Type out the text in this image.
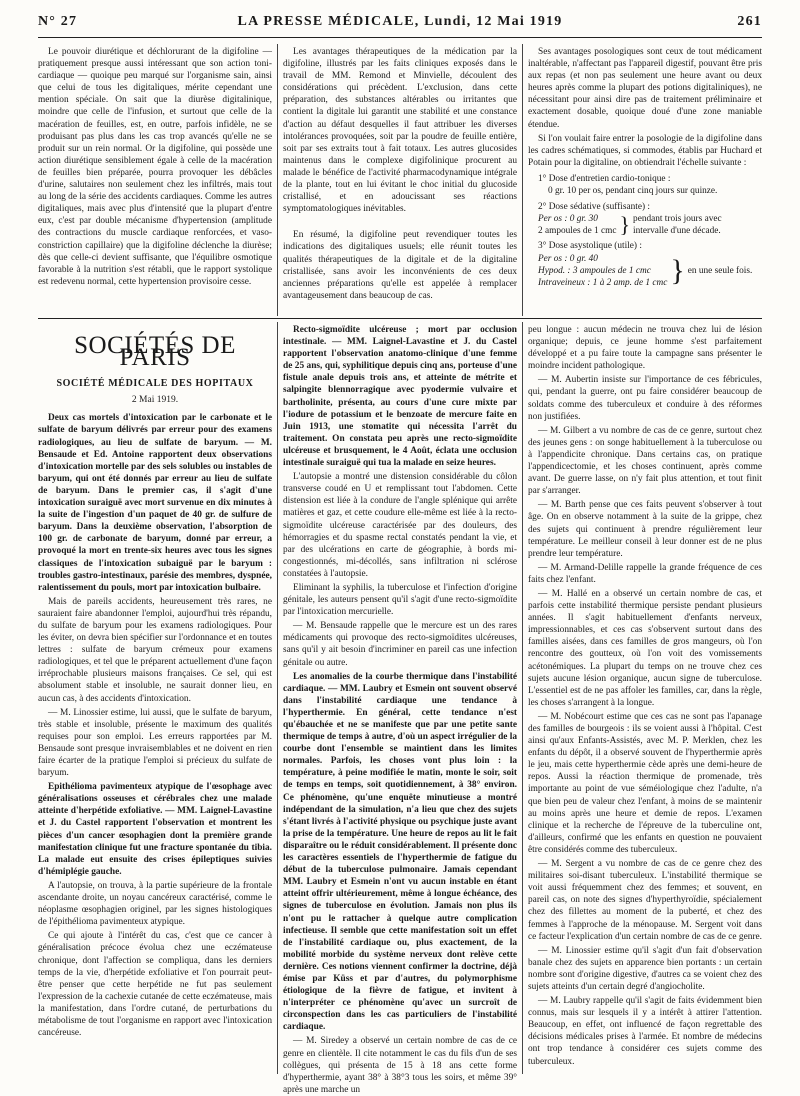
N° 27	LA PRESSE MÉDICALE, Lundi, 12 Mai 1919	261

Le pouvoir diurétique et déchlorurant de la digifoline — pratiquement presque aussi intéressant que son action toni-cardiaque — quoique peu marqué sur l'organisme sain, ainsi que celui de tous les digitaliques, mérite cependant une mention spéciale. On sait que la diurèse digitalinique, moindre que celle de l'infusion, et surtout que celle de la macération de feuilles, est, en outre, parfois infidèle, ne se produisant pas plus dans les cas trop avancés qu'elle ne se produit sur un rein normal. Or la digifoline, qui possède une action diurétique sensiblement égale à celle de la macération de feuilles bien préparée, pourra provoquer les débâcles d'urine, salutaires non seulement chez les infiltrés, mais tout au long de la série des accidents cardiaques. Comme les autres digitaliques, mais avec plus d'intensité que la plupart d'entre eux, c'est par double mécanisme d'hypertension (amplitude des contractions du muscle cardiaque renforcées, et vaso-constriction capillaire) que la digifoline déclenche la diurèse; dès que celle-ci devient suffisante, que l'équilibre osmotique favorable à la nutrition s'est rétabli, que le rapport systolique est redevenu normal, cette hypertension provisoire cesse.

Les avantages thérapeutiques de la médication par la digifoline, illustrés par les faits cliniques exposés dans le travail de MM. Remond et Minvielle, découlent des considérations qui précèdent. L'exclusion, dans cette préparation, des substances altérables ou irritantes que contient la digitale lui garantit une stabilité et une constance d'action au défaut desquelles il faut attribuer les diverses intolérances provoquées, soit par la poudre de feuille entière, soit par ses extraits tout à fait totaux. Les autres glucosides maintenus dans le complexe digifolinique procurent au malade le bénéfice de l'activité pharmacodynamique intégrale de la plante, tout en lui évitant le choc initial du glucoside cristallisé, et en adoucissant ses réactions symptomatologiques inévitables.

En résumé, la digifoline peut revendiquer toutes les indications des digitaliques usuels; elle réunit toutes les qualités thérapeutiques de la digitale et de la digitaline cristallisée, sans avoir les inconvénients de ces deux anciennes préparations qu'elle est appelée à remplacer avantageusement dans beaucoup de cas.

Ses avantages posologiques sont ceux de tout médicament inaltérable, n'affectant pas l'appareil digestif, pouvant être pris aux repas (et non pas seulement une heure avant ou deux heures après comme la plupart des potions digitaliniques), ne nécessitant pour ainsi dire pas de traitement préliminaire et exactement dosable, quoique doué d'une zone maniable étendue.

Si l'on voulait faire entrer la posologie de la digifoline dans les cadres schématiques, si commodes, établis par Huchard et Potain pour la digitaline, on obtiendrait l'échelle suivante :

1° Dose d'entretien cardio-tonique :
0 gr. 10 per os, pendant cinq jours sur quinze.
2° Dose sédative (suffisante) :
Per os : 0 gr. 30
2 ampoules de 1 cmc } pendant trois jours avec
intervalle d'une décade.
3° Dose asystolique (utile) :
Per os : 0 gr. 40
Hypod. : 3 ampoules de 1 cmc
Intraveineux : 1 à 2 amp. de 1 cmc } en une seule fois.
SOCIÉTÉS DE PARIS
SOCIÉTÉ MÉDICALE DES HOPITAUX
2 Mai 1919.

Deux cas mortels d'intoxication par le carbonate et le sulfate de baryum délivrés par erreur pour des examens radiologiques, au lieu de sulfate de baryum. — M. Bensaude et Ed. Antoine rapportent deux observations d'intoxication mortelle par des sels solubles ou instables de baryum, qui ont été donnés par erreur au lieu de sulfate de baryum. Dans le premier cas, il s'agit d'une intoxication suraiguë avec mort survenue en dix minutes à la suite de l'ingestion d'un paquet de 40 gr. de sulfure de baryum. Dans la deuxième observation, l'absorption de 100 gr. de carbonate de baryum, donné par erreur, a provoqué la mort en trente-six heures avec tous les signes classiques de l'intoxication subaiguë par le baryum : troubles gastro-intestinaux, parésie des membres, dyspnée, ralentissement du pouls, mort par intoxication bulbaire.

Mais de pareils accidents, heureusement très rares, ne sauraient faire abandonner l'emploi, aujourd'hui très répandu, du sulfate de baryum pour les examens radiologiques. Pour les éviter, on devra bien spécifier sur l'ordonnance et en toutes lettres : sulfate de baryum crémeux pour examens radiologiques, et tel que le préparent actuellement d'une façon irréprochable plusieurs maisons françaises. Ce sel, qui est absolument stable et insoluble, ne saurait donner lieu, en aucun cas, à des accidents d'intoxication.

— M. Linossier estime, lui aussi, que le sulfate de baryum, très stable et insoluble, présente le maximum des qualités requises pour son emploi. Les erreurs rapportées par M. Bensaude sont presque invraisemblables et ne doivent en rien faire écarter de la pratique l'emploi si précieux du sulfate de baryum.

Epithélioma pavimenteux atypique de l'œsophage avec généralisations osseuses et cérébrales chez une malade atteinte d'herpétide exfoliative. — MM. Laignel-Lavastine et J. du Castel rapportent l'observation et montrent les pièces d'un cancer œsophagien dont la première grande manifestation clinique fut une fracture spontanée du tibia. La malade eut ensuite des crises épileptiques suivies d'hémiplégie gauche.

A l'autopsie, on trouva, à la partie supérieure de la frontale ascendante droite, un noyau cancéreux caractérisé, comme le néoplasme œsophagien originel, par les signes histologiques de l'épithélioma pavimenteux atypique.

Ce qui ajoute à l'intérêt du cas, c'est que ce cancer à généralisation précoce évolua chez une eczémateuse chronique, dont l'affection se compliqua, dans les derniers temps de la vie, d'herpétide exfoliative et l'on pourrait peut-être penser que cette herpétide ne fut pas seulement l'expression de la cachexie cutanée de cette eczémateuse, mais la manifestation, dans l'ordre cutané, de perturbations du métabolisme de tout l'organisme en rapport avec l'intoxication cancéreuse.

Recto-sigmoïdite ulcéreuse ; mort par occlusion intestinale. — MM. Laignel-Lavastine et J. du Castel rapportent l'observation anatomo-clinique d'une femme de 25 ans, qui, syphilitique depuis cinq ans, porteuse d'une fistule anale depuis trois ans, et atteinte de métrite et salpingite blennorragique avec pyodermie vulvaire et bartholinite, présenta, au cours d'une cure mixte par l'iodure de potassium et le benzoate de mercure faite en Juin 1913, une stomatite qui nécessita l'arrêt du traitement. On constata peu après une recto-sigmoïdite ulcéreuse et brusquement, le 4 Août, éclata une occlusion intestinale suraiguë qui tua la malade en seize heures.

L'autopsie a montré une distension considérable du côlon transverse coudé en U et remplissant tout l'abdomen. Cette distension est liée à la condure de l'angle splénique qui arrête matières et gaz, et cette coudure elle-même est liée à la recto-sigmoïdite ulcéreuse caractérisée par des douleurs, des hémorragies et du spasme rectal constatés pendant la vie, et par des ulcérations en carte de géographie, à bords mi-congestionnés, mi-décollés, sans infiltration ni sclérose constatées à l'autopsie.

Eliminant la syphilis, la tuberculose et l'infection d'origine génitale, les auteurs pensent qu'il s'agit d'une recto-sigmoïdite par l'intoxication mercurielle.

— M. Bensaude rappelle que le mercure est un des rares médicaments qui provoque des recto-sigmoïdites ulcéreuses, sans qu'il y ait besoin d'incriminer en pareil cas une infection génitale ou autre.

Les anomalies de la courbe thermique dans l'instabilité cardiaque. — MM. Laubry et Esmein ont souvent observé dans l'instabilité cardiaque une tendance à l'hyperthermie. En général, cette tendance n'est qu'ébauchée et ne se manifeste que par une petite sante thermique de temps à autre, d'où un aspect irrégulier de la courbe dont l'ensemble se maintient dans les limites normales. Parfois, les choses vont plus loin : la température, à peine modifiée le matin, monte le soir, soit de temps en temps, soit quotidiennement, à 38° environ. Ce phénomène, qu'une enquête minutieuse a montré indépendant de la simulation, n'a lieu que chez des sujets s'étant livrés à l'activité physique ou psychique juste avant la prise de la température. Une heure de repos au lit le fait disparaître ou le réduit considérablement. Il présente donc les caractères essentiels de l'hyperthermie de fatigue du début de la tuberculose pulmonaire. Jamais cependant MM. Laubry et Esmein n'ont vu aucun instable en étant atteint offrir ultérieurement, même à longue échéance, des signes de tuberculose en évolution. Jamais non plus ils n'ont pu le rattacher à quelque autre complication infectieuse. Il semble que cette manifestation soit un effet de l'instabilité cardiaque ou, plus exactement, de la mobilité morbide du système nerveux dont relève cette dernière. Ces notions viennent confirmer la doctrine, déjà émise par Küss et par d'autres, du polymorphisme étiologique de la fièvre de fatigue, et invitent à n'interpréter ce phénomène qu'avec un surcroît de circonspection dans les cas particuliers de l'instabilité cardiaque.

— M. Siredey a observé un certain nombre de cas de ce genre en clientèle. Il cite notamment le cas du fils d'un de ses collègues, qui présenta de 15 à 18 ans cette forme d'hyperthermie, ayant 38° à 38°3 tous les soirs, et même 39° après une marche un

peu longue : aucun médecin ne trouva chez lui de lésion organique; depuis, ce jeune homme s'est parfaitement développé et a pu faire toute la campagne sans présenter le moindre incident pathologique.

— M. Aubertin insiste sur l'importance de ces fébricules, qui, pendant la guerre, ont pu faire considérer beaucoup de soldats comme des tuberculeux et conduire à des réformes non justifiées.

— M. Gilbert a vu nombre de cas de ce genre, surtout chez des jeunes gens : on songe habituellement à la tuberculose ou à l'appendicite chronique. Dans certains cas, on pratique l'appendicectomie, et les choses continuent, après comme avant. De guerre lasse, on n'y fait plus attention, et tout finit par s'arranger.

— M. Barth pense que ces faits peuvent s'observer à tout âge. On en observe notamment à la suite de la grippe, chez des sujets qui continuent à prendre régulièrement leur température. Le meilleur conseil à leur donner est de ne plus prendre leur température.

— M. Armand-Delille rappelle la grande fréquence de ces faits chez l'enfant.

— M. Hallé en a observé un certain nombre de cas, et parfois cette instabilité thermique persiste pendant plusieurs années. Il s'agit habituellement d'enfants nerveux, impressionnables, et ces cas s'observent surtout dans des familles aisées, dans ces familles de gros mangeurs, où l'on rencontre des goutteux, où l'on voit des vomissements acétonémiques. La plupart du temps on ne trouve chez ces sujets aucune lésion organique, aucun signe de tuberculose. L'essentiel est de ne pas affoler les familles, car, dans la règle, les choses s'arrangent à la longue.

— M. Nobécourt estime que ces cas ne sont pas l'apanage des familles de bourgeois : ils se voient aussi à l'hôpital. C'est ainsi qu'aux Enfants-Assistés, avec M. P. Merklen, chez les enfants du dépôt, il a observé souvent de l'hyperthermie après le jeu, mais cette hyperthermie cède après une demi-heure de repos. Aussi la réaction thermique de promenade, très importante au point de vue séméiologique chez l'adulte, n'a que bien peu de valeur chez l'enfant, à moins de se maintenir au moins après une heure et demie de repos. L'examen clinique et la recherche de l'épreuve de la tuberculine ont, d'ailleurs, confirmé que les enfants en question ne pouvaient être considérés comme des tuberculeux.

— M. Sergent a vu nombre de cas de ce genre chez des militaires soi-disant tuberculeux. L'instabilité thermique se voit aussi fréquemment chez des femmes; et souvent, en pareil cas, on note des signes d'hyperthyroïdie, spécialement chez des fillettes au moment de la puberté, et chez des femmes à l'approche de la ménopause. M. Sergent voit dans ce facteur l'explication d'un certain nombre de cas de ce genre.

— M. Linossier estime qu'il s'agit d'un fait d'observation banale chez des sujets en apparence bien portants : un certain nombre sont d'origine digestive, d'autres ca se voient chez des sujets atteints d'un certain degré d'angiocholite.

— M. Laubry rappelle qu'il s'agit de faits évidemment bien connus, mais sur lesquels il y a intérêt à attirer l'attention. Beaucoup, en effet, ont influencé de façon regrettable des décisions médicales prises à l'armée. Et nombre de médecins ont trop tendance à considérer ces sujets comme des tuberculeux.
